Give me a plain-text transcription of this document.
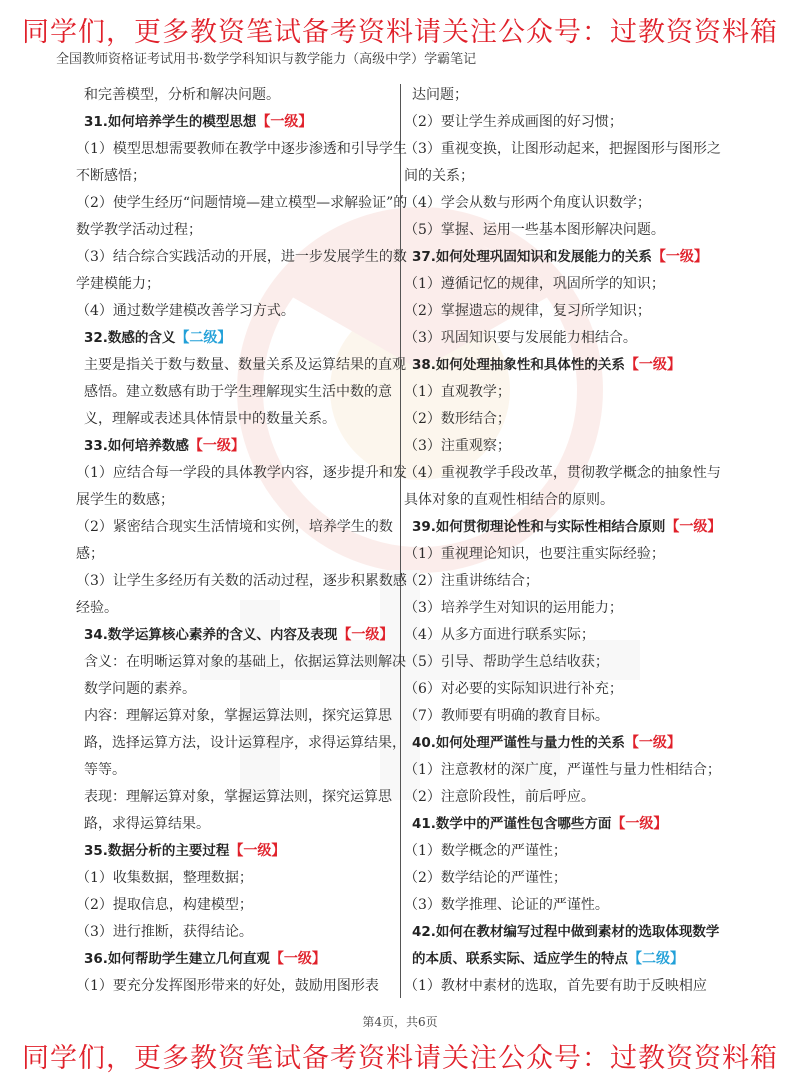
同学们，更多教资笔试备考资料请关注公众号：过教资资料箱
全国教师资格证考试用书·数学学科知识与教学能力（高级中学）学霸笔记

和完善模型，分析和解决问题。

31.如何培养学生的模型思想【一级】

（1）模型思想需要教师在教学中逐步渗透和引导学生不断感悟；

（2）使学生经历“问题情境—建立模型—求解验证”的数学教学活动过程；

（3）结合综合实践活动的开展，进一步发展学生的数学建模能力；

（4）通过数学建模改善学习方式。

32.数感的含义【二级】

主要是指关于数与数量、数量关系及运算结果的直观感悟。建立数感有助于学生理解现实生活中数的意义，理解或表述具体情景中的数量关系。

33.如何培养数感【一级】

（1）应结合每一学段的具体教学内容，逐步提升和发展学生的数感；

（2）紧密结合现实生活情境和实例，培养学生的数感；

（3）让学生多经历有关数的活动过程，逐步积累数感经验。

34.数学运算核心素养的含义、内容及表现【一级】

含义：在明晰运算对象的基础上，依据运算法则解决数学问题的素养。

内容：理解运算对象，掌握运算法则，探究运算思路，选择运算方法，设计运算程序，求得运算结果，等等。

表现：理解运算对象，掌握运算法则，探究运算思路，求得运算结果。

35.数据分析的主要过程【一级】

（1）收集数据，整理数据；

（2）提取信息，构建模型；

（3）进行推断，获得结论。

36.如何帮助学生建立几何直观【一级】

（1）要充分发挥图形带来的好处，鼓励用图形表

达问题；

（2）要让学生养成画图的好习惯；

（3）重视变换，让图形动起来，把握图形与图形之间的关系；

（4）学会从数与形两个角度认识数学；

（5）掌握、运用一些基本图形解决问题。

37.如何处理巩固知识和发展能力的关系【一级】

（1）遵循记忆的规律，巩固所学的知识；

（2）掌握遗忘的规律，复习所学知识；

（3）巩固知识要与发展能力相结合。

38.如何处理抽象性和具体性的关系【一级】

（1）直观教学；

（2）数形结合；

（3）注重观察；

（4）重视教学手段改革，贯彻教学概念的抽象性与具体对象的直观性相结合的原则。

39.如何贯彻理论性和与实际性相结合原则【一级】

（1）重视理论知识，也要注重实际经验；

（2）注重讲练结合；

（3）培养学生对知识的运用能力；

（4）从多方面进行联系实际；

（5）引导、帮助学生总结收获；

（6）对必要的实际知识进行补充；

（7）教师要有明确的教育目标。

40.如何处理严谨性与量力性的关系【一级】

（1）注意教材的深广度，严谨性与量力性相结合；

（2）注意阶段性，前后呼应。

41.数学中的严谨性包含哪些方面【一级】

（1）数学概念的严谨性；

（2）数学结论的严谨性；

（3）数学推理、论证的严谨性。

42.如何在教材编写过程中做到素材的选取体现数学的本质、联系实际、适应学生的特点【二级】

（1）教材中素材的选取，首先要有助于反映相应

第4页，共6页
同学们，更多教资笔试备考资料请关注公众号：过教资资料箱
